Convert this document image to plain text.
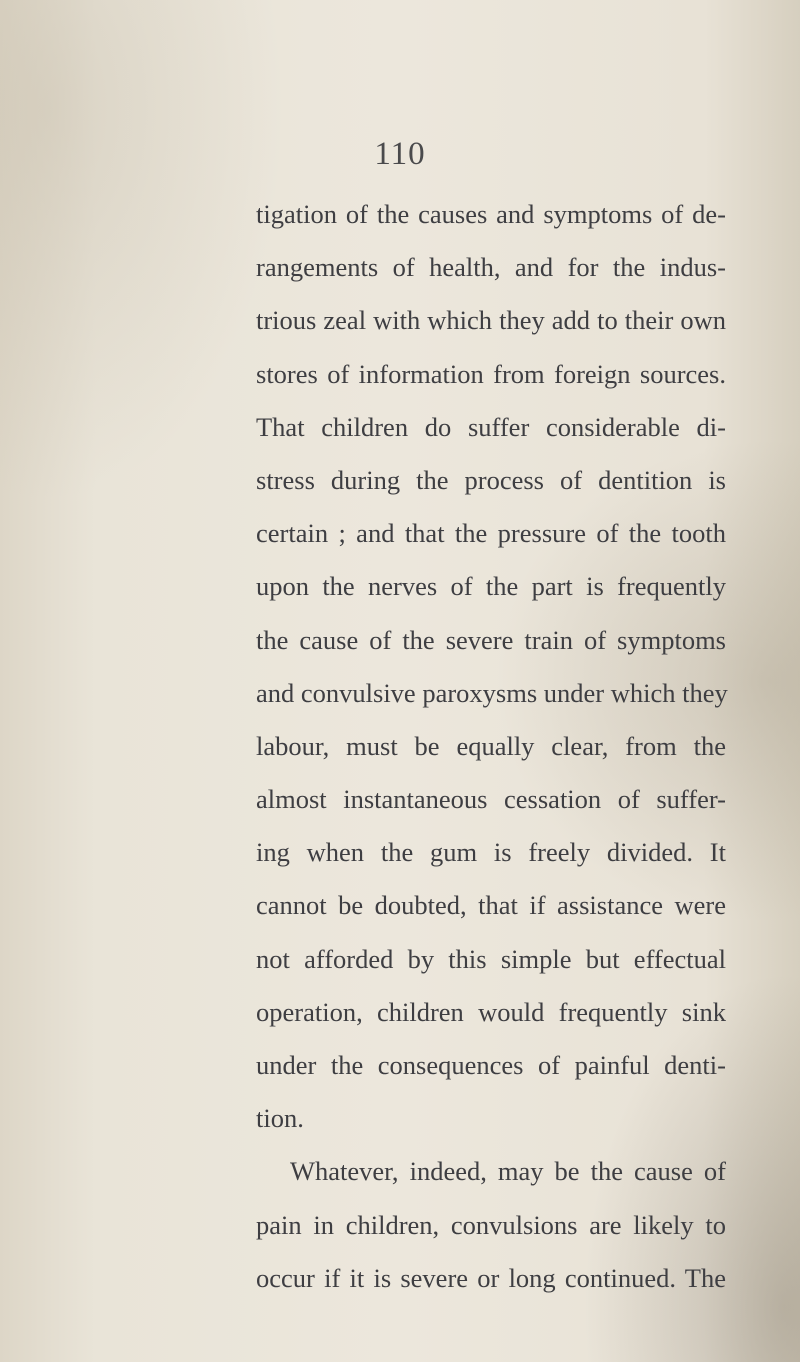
110
tigation of the causes and symptoms of de-
rangements of health, and for the indus-
trious zeal with which they add to their own
stores of information from foreign sources.
That children do suffer considerable di-
stress during the process of dentition is
certain ; and that the pressure of the tooth
upon the nerves of the part is frequently
the cause of the severe train of symptoms
and convulsive paroxysms under which they
labour, must be equally clear, from the
almost instantaneous cessation of suffer-
ing when the gum is freely divided. It
cannot be doubted, that if assistance were
not afforded by this simple but effectual
operation, children would frequently sink
under the consequences of painful denti-
tion.
Whatever, indeed, may be the cause of
pain in children, convulsions are likely to
occur if it is severe or long continued. The
